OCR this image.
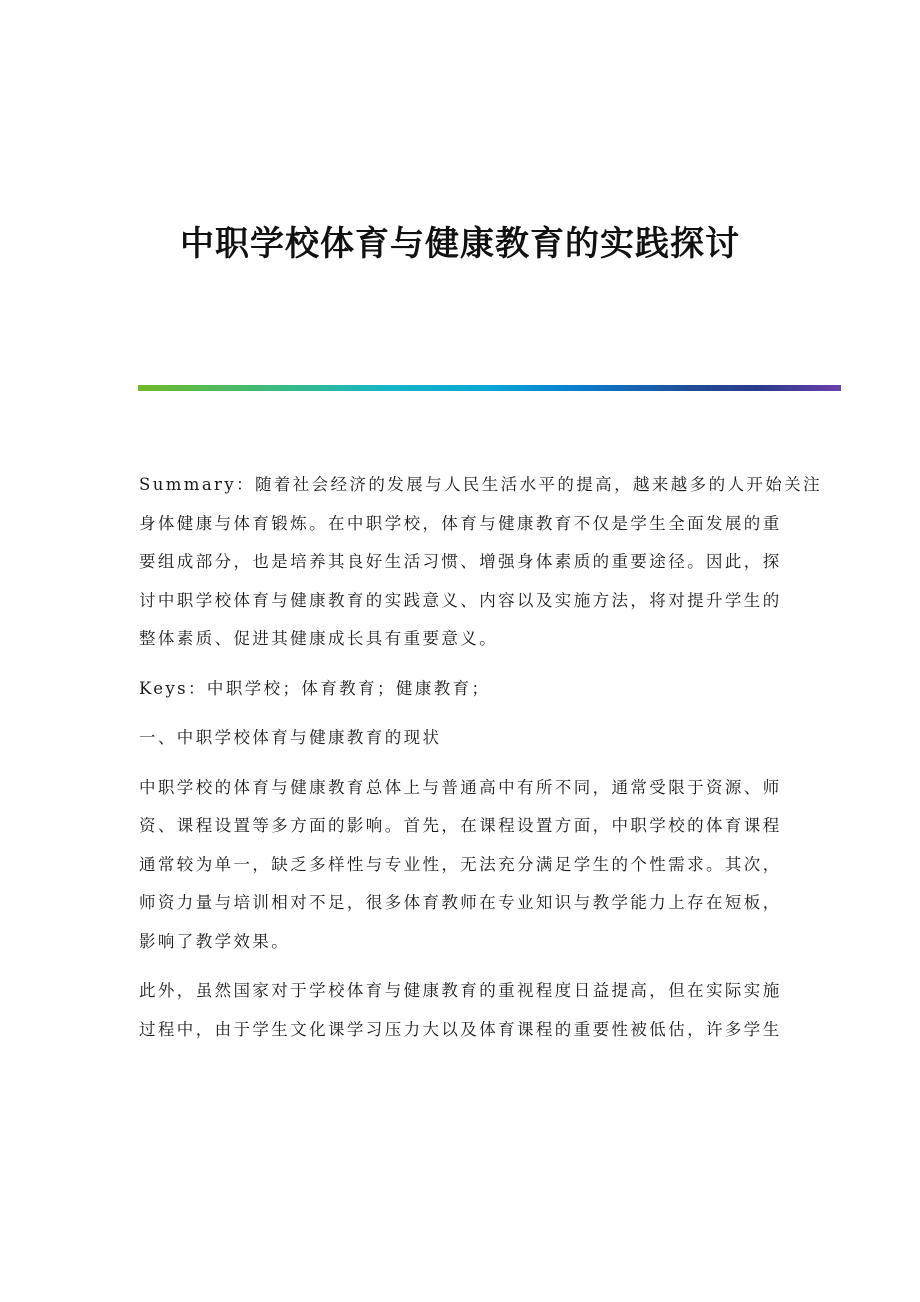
中职学校体育与健康教育的实践探讨
Summary：随着社会经济的发展与人民生活水平的提高，越来越多的人开始关注
身体健康与体育锻炼。在中职学校，体育与健康教育不仅是学生全面发展的重
要组成部分，也是培养其良好生活习惯、增强身体素质的重要途径。因此，探
讨中职学校体育与健康教育的实践意义、内容以及实施方法，将对提升学生的
整体素质、促进其健康成长具有重要意义。
Keys：中职学校；体育教育；健康教育；
一、中职学校体育与健康教育的现状
中职学校的体育与健康教育总体上与普通高中有所不同，通常受限于资源、师
资、课程设置等多方面的影响。首先，在课程设置方面，中职学校的体育课程
通常较为单一，缺乏多样性与专业性，无法充分满足学生的个性需求。其次，
师资力量与培训相对不足，很多体育教师在专业知识与教学能力上存在短板，
影响了教学效果。
此外，虽然国家对于学校体育与健康教育的重视程度日益提高，但在实际实施
过程中，由于学生文化课学习压力大以及体育课程的重要性被低估，许多学生
